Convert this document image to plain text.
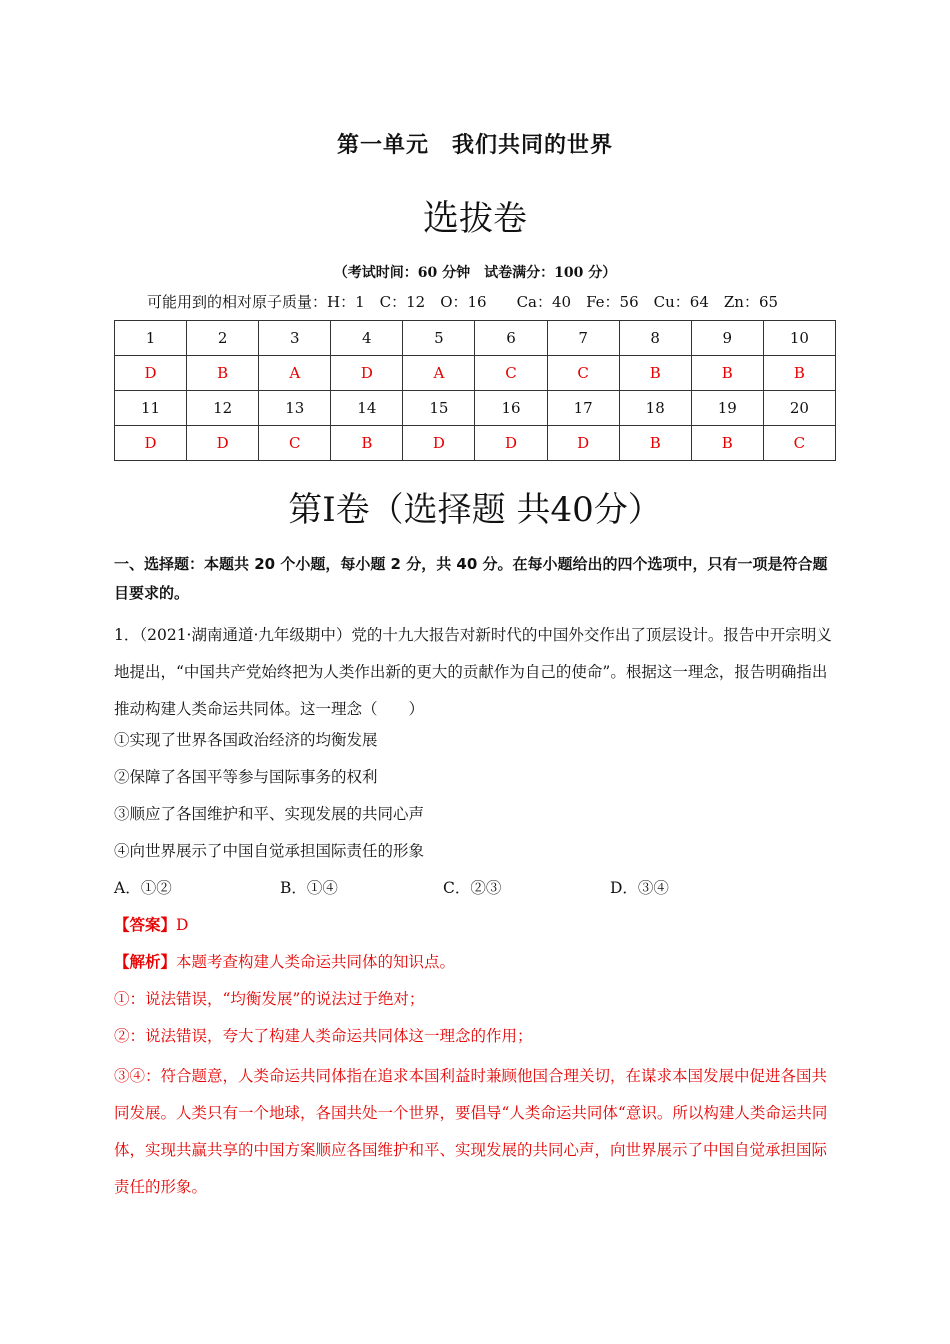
第一单元　我们共同的世界
选拔卷
（考试时间：60 分钟　试卷满分：100 分）
可能用到的相对原子质量：H：1　C：12　O：16　　Ca：40　Fe：56　Cu：64　Zn：65
1	2	3	4	5	6	7	8	9	10
D	B	A	D	A	C	C	B	B	B
11	12	13	14	15	16	17	18	19	20
D	D	C	B	D	D	D	B	B	C
第Ⅰ卷（选择题 共40分）
一、选择题：本题共 20 个小题，每小题 2 分，共 40 分。在每小题给出的四个选项中，只有一项是符合题目要求的。
1．（2021·湖南通道·九年级期中）党的十九大报告对新时代的中国外交作出了顶层设计。报告中开宗明义地提出，“中国共产党始终把为人类作出新的更大的贡献作为自己的使命”。根据这一理念，报告明确指出推动构建人类命运共同体。这一理念（　　）
①实现了世界各国政治经济的均衡发展
②保障了各国平等参与国际事务的权利
③顺应了各国维护和平、实现发展的共同心声
④向世界展示了中国自觉承担国际责任的形象
A．①②	B．①④	C．②③	D．③④
【答案】D
【解析】本题考查构建人类命运共同体的知识点。
①：说法错误，“均衡发展”的说法过于绝对；
②：说法错误，夸大了构建人类命运共同体这一理念的作用；
③④：符合题意，人类命运共同体指在追求本国利益时兼顾他国合理关切，在谋求本国发展中促进各国共同发展。人类只有一个地球，各国共处一个世界，要倡导“人类命运共同体“意识。所以构建人类命运共同体，实现共赢共享的中国方案顺应各国维护和平、实现发展的共同心声，向世界展示了中国自觉承担国际责任的形象。
